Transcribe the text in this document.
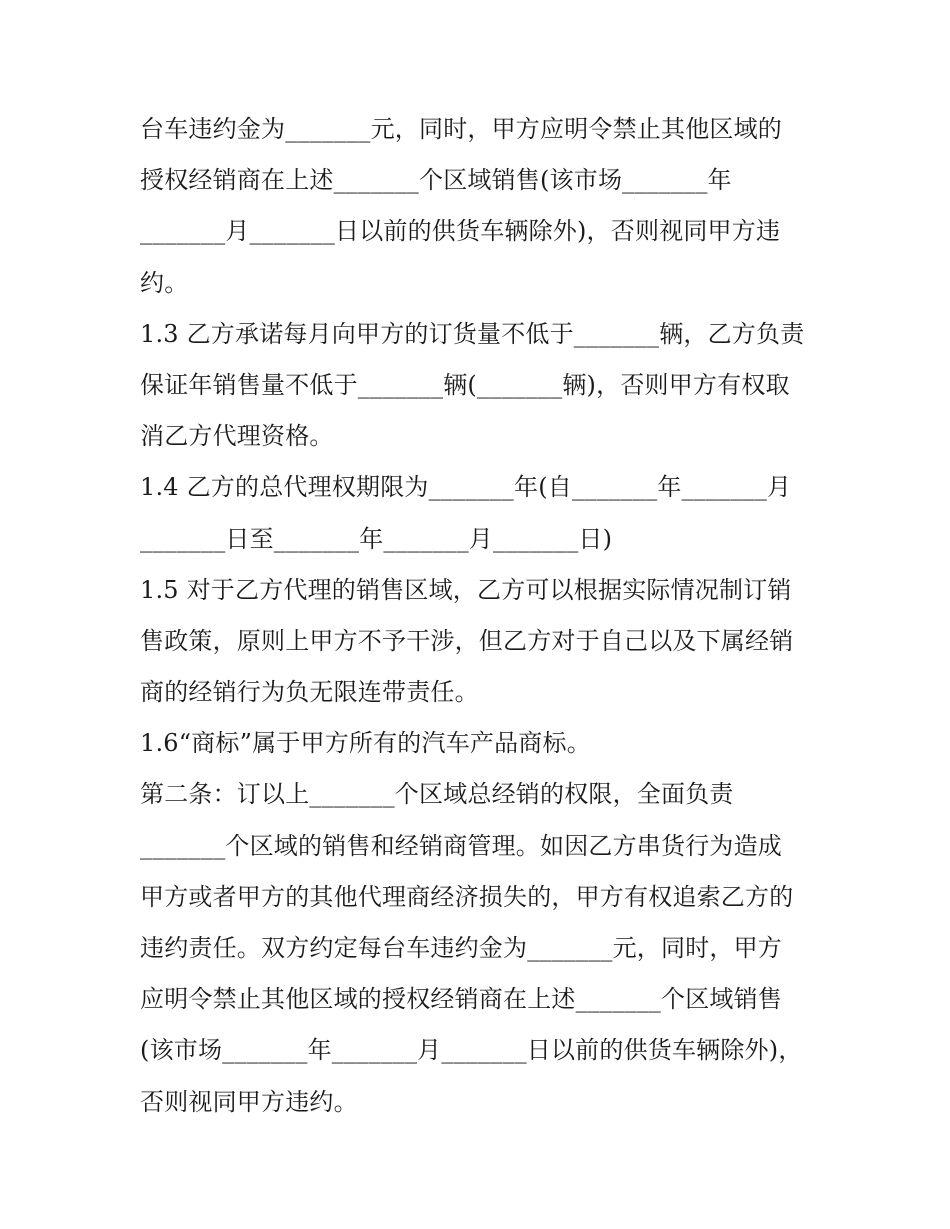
台车违约金为_______元，同时，甲方应明令禁止其他区域的
授权经销商在上述_______个区域销售(该市场_______年
_______月_______日以前的供货车辆除外)，否则视同甲方违
约。
1.3 乙方承诺每月向甲方的订货量不低于_______辆，乙方负责
保证年销售量不低于_______辆(_______辆)，否则甲方有权取
消乙方代理资格。
1.4 乙方的总代理权期限为_______年(自_______年_______月
_______日至_______年_______月_______日)
1.5 对于乙方代理的销售区域，乙方可以根据实际情况制订销
售政策，原则上甲方不予干涉，但乙方对于自己以及下属经销
商的经销行为负无限连带责任。
1.6“商标”属于甲方所有的汽车产品商标。
第二条：订以上_______个区域总经销的权限，全面负责
_______个区域的销售和经销商管理。如因乙方串货行为造成
甲方或者甲方的其他代理商经济损失的，甲方有权追索乙方的
违约责任。双方约定每台车违约金为_______元，同时，甲方
应明令禁止其他区域的授权经销商在上述_______个区域销售
(该市场_______年_______月_______日以前的供货车辆除外)，
否则视同甲方违约。
